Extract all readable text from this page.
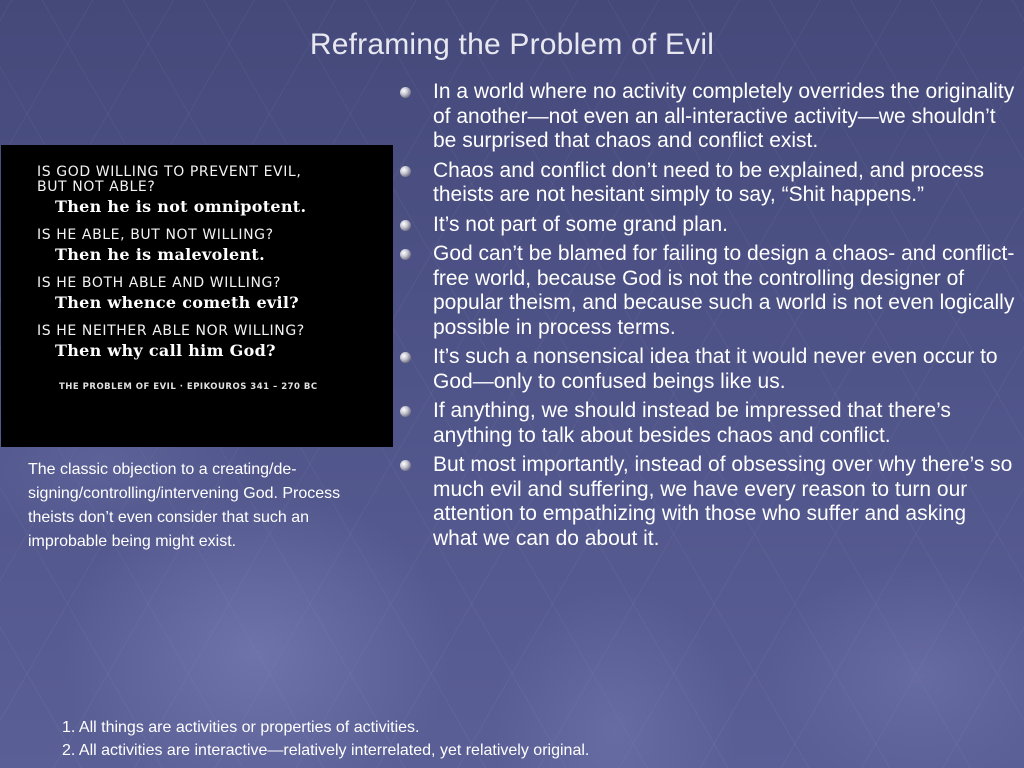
Reframing the Problem of Evil
IS GOD WILLING TO PREVENT EVIL,
BUT NOT ABLE?
Then he is not omnipotent.
IS HE ABLE, BUT NOT WILLING?
Then he is malevolent.
IS HE BOTH ABLE AND WILLING?
Then whence cometh evil?
IS HE NEITHER ABLE NOR WILLING?
Then why call him God?
THE PROBLEM OF EVIL · EPIKOUROS 341 – 270 BC
The classic objection to a creating/de-signing/controlling/intervening God. Process theists don’t even consider that such an improbable being might exist.
In a world where no activity completely overrides the originality of another—not even an all-interactive activity—we shouldn’t be surprised that chaos and conflict exist.
Chaos and conflict don’t need to be explained, and process theists are not hesitant simply to say, “Shit happens.”
It’s not part of some grand plan.
God can’t be blamed for failing to design a chaos- and conflict-free world, because God is not the controlling designer of popular theism, and because such a world is not even logically possible in process terms.
It’s such a nonsensical idea that it would never even occur to God—only to confused beings like us.
If anything, we should instead be impressed that there’s anything to talk about besides chaos and conflict.
But most importantly, instead of obsessing over why there’s so much evil and suffering, we have every reason to turn our attention to empathizing with those who suffer and asking what we can do about it.
1. All things are activities or properties of activities.
2. All activities are interactive—relatively interrelated, yet relatively original.
